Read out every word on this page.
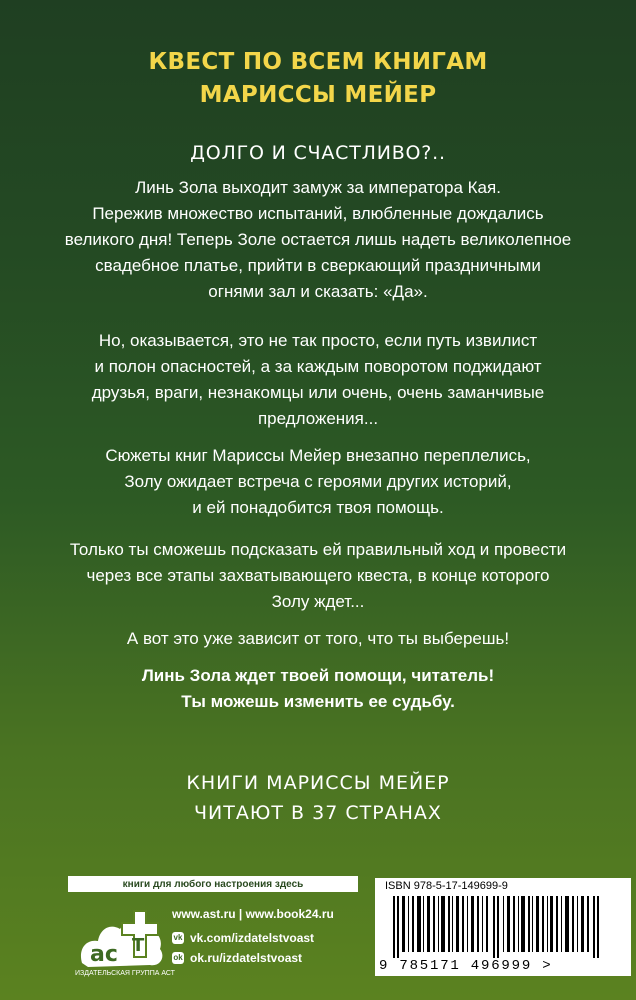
КВЕСТ ПО ВСЕМ КНИГАМ
МАРИССЫ МЕЙЕР
ДОЛГО И СЧАСТЛИВО?..
Линь Зола выходит замуж за императора Кая.
Пережив множество испытаний, влюбленные дождались
великого дня! Теперь Золе остается лишь надеть великолепное
свадебное платье, прийти в сверкающий праздничными
огнями зал и сказать: «Да».
Но, оказывается, это не так просто, если путь извилист
и полон опасностей, а за каждым поворотом поджидают
друзья, враги, незнакомцы или очень, очень заманчивые
предложения...
Сюжеты книг Мариссы Мейер внезапно переплелись,
Золу ожидает встреча с героями других историй,
и ей понадобится твоя помощь.
Только ты сможешь подсказать ей правильный ход и провести
через все этапы захватывающего квеста, в конце которого
Золу ждет...
А вот это уже зависит от того, что ты выберешь!
Линь Зола ждет твоей помощи, читатель!
Ты можешь изменить ее судьбу.
КНИГИ МАРИССЫ МЕЙЕР
ЧИТАЮТ В 37 СТРАНАХ
книги для любого настроения здесь
aс Т
ИЗДАТЕЛЬСКАЯ ГРУППА АСТ
www.ast.ru | www.book24.ru
vk vk.com/izdatelstvoast
ok ok.ru/izdatelstvoast
ISBN 978-5-17-149699-9
9 785171 496999 >
